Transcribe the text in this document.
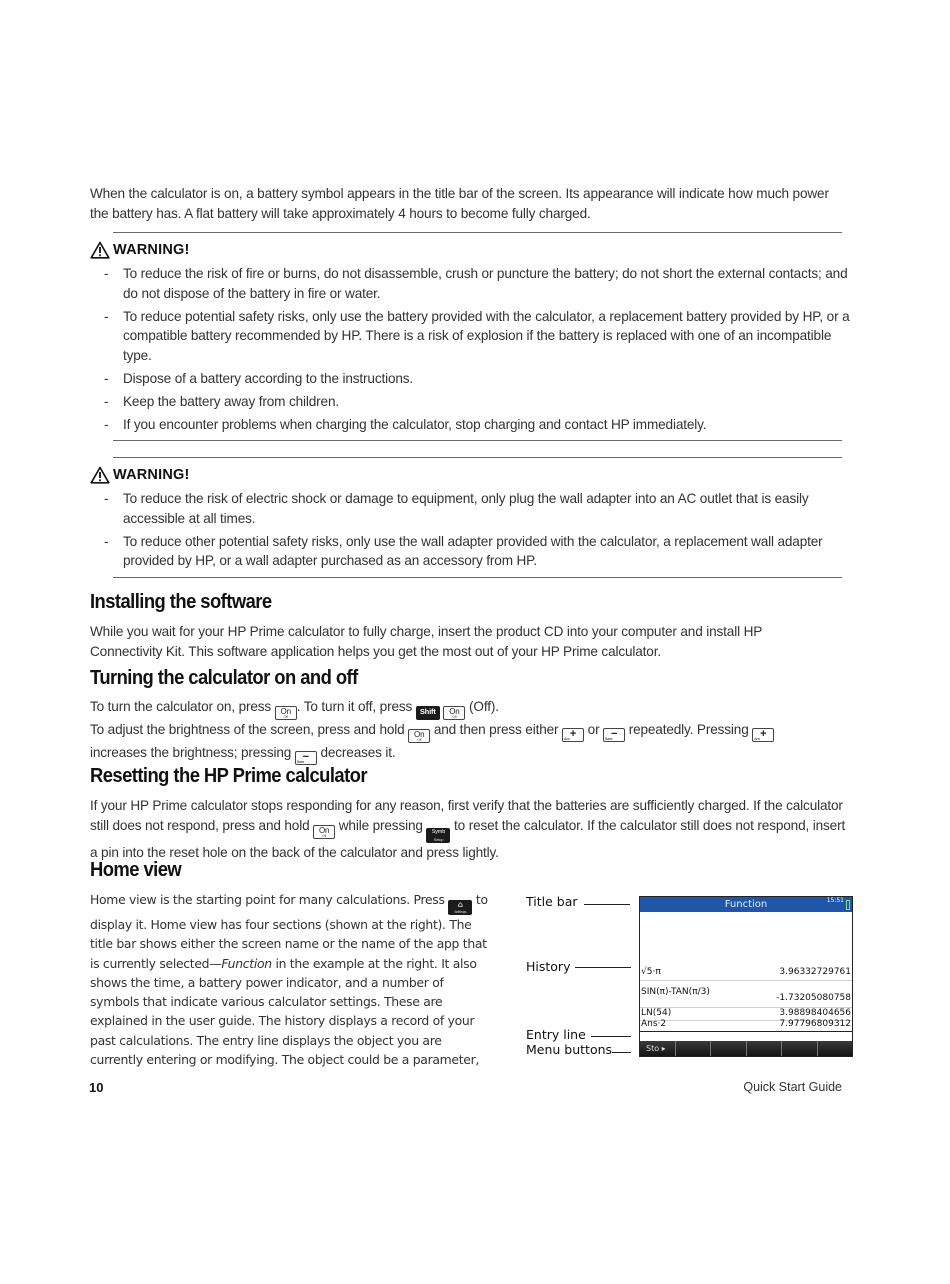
When the calculator is on, a battery symbol appears in the title bar of the screen. Its appearance will indicate how much power the battery has. A flat battery will take approximately 4 hours to become fully charged.
WARNING!
- To reduce the risk of fire or burns, do not disassemble, crush or puncture the battery; do not short the external contacts; and do not dispose of the battery in fire or water.
- To reduce potential safety risks, only use the battery provided with the calculator, a replacement battery provided by HP, or a compatible battery recommended by HP. There is a risk of explosion if the battery is replaced with one of an incompatible type.
- Dispose of a battery according to the instructions.
- Keep the battery away from children.
- If you encounter problems when charging the calculator, stop charging and contact HP immediately.
WARNING!
- To reduce the risk of electric shock or damage to equipment, only plug the wall adapter into an AC outlet that is easily accessible at all times.
- To reduce other potential safety risks, only use the wall adapter provided with the calculator, a replacement wall adapter provided by HP, or a wall adapter purchased as an accessory from HP.
Installing the software
While you wait for your HP Prime calculator to fully charge, insert the product CD into your computer and install HP Connectivity Kit. This software application helps you get the most out of your HP Prime calculator.
Turning the calculator on and off
To turn the calculator on, press On
Off
. To turn it off, press Shift On
Off
(Off).
To adjust the brightness of the screen, press and hold On
Off
and then press either +
Ans
or −
Base
repeatedly. Pressing +
Ans

increases the brightness; pressing −
Base
decreases it.
Resetting the HP Prime calculator
If your HP Prime calculator stops responding for any reason, first verify that the batteries are sufficiently charged. If the calculator still does not respond, press and hold On
Off
while pressing Symb
Setup
to reset the calculator. If the calculator still does not respond, insert a pin into the reset hole on the back of the calculator and press lightly.
Home view
Home view is the starting point for many calculations. Press	⌂
Settings
to
display it. Home view has four sections (shown at the right). The
title bar shows either the screen name or the name of the app that
is currently selected—Function in the example at the right. It also
shows the time, a battery power indicator, and a number of
symbols that indicate various calculator settings. These are
explained in the user guide. The history displays a record of your
past calculations. The entry line displays the object you are
currently entering or modifying. The object could be a parameter,
Title bar
History
Entry line
Menu buttons
Function	15:51
√5·π	3.96332729761
SIN(π)-TAN(π/3)
-1.73205080758
LN(54)	3.98898404656
Ans·2	7.97796809312
Sto ▸
10	Quick Start Guide
